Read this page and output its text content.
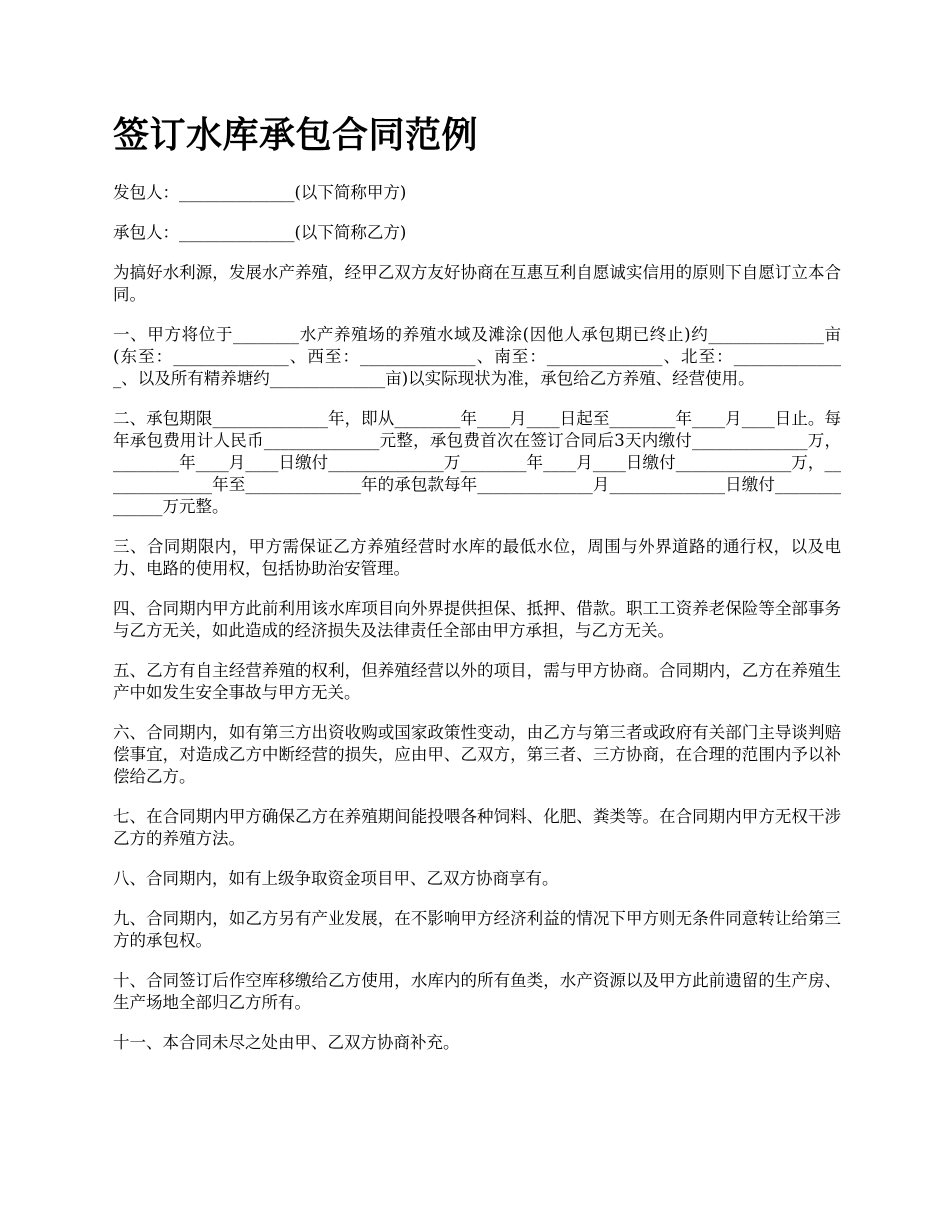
签订水库承包合同范例

发包人：______________(以下简称甲方)

承包人：______________(以下简称乙方)

为搞好水利源，发展水产养殖，经甲乙双方友好协商在互惠互利自愿诚实信用的原则下自愿订立本合同。

一、甲方将位于________水产养殖场的养殖水域及滩涂(因他人承包期已终止)约______________亩(东至：______________、西至：______________、南至：______________、北至：______________、以及所有精养塘约______________亩)以实际现状为准，承包给乙方养殖、经营使用。

二、承包期限______________年，即从________年____月____日起至________年____月____日止。每年承包费用计人民币______________元整，承包费首次在签订合同后3天内缴付______________万，________年____月____日缴付______________万________年____月____日缴付______________万，______________年至______________年的承包款每年______________月______________日缴付______________万元整。

三、合同期限内，甲方需保证乙方养殖经营时水库的最低水位，周围与外界道路的通行权，以及电力、电路的使用权，包括协助治安管理。

四、合同期内甲方此前利用该水库项目向外界提供担保、抵押、借款。职工工资养老保险等全部事务与乙方无关，如此造成的经济损失及法律责任全部由甲方承担，与乙方无关。

五、乙方有自主经营养殖的权利，但养殖经营以外的项目，需与甲方协商。合同期内，乙方在养殖生产中如发生安全事故与甲方无关。

六、合同期内，如有第三方出资收购或国家政策性变动，由乙方与第三者或政府有关部门主导谈判赔偿事宜，对造成乙方中断经营的损失，应由甲、乙双方，第三者、三方协商，在合理的范围内予以补偿给乙方。

七、在合同期内甲方确保乙方在养殖期间能投喂各种饲料、化肥、粪类等。在合同期内甲方无权干涉乙方的养殖方法。

八、合同期内，如有上级争取资金项目甲、乙双方协商享有。

九、合同期内，如乙方另有产业发展，在不影响甲方经济利益的情况下甲方则无条件同意转让给第三方的承包权。

十、合同签订后作空库移缴给乙方使用，水库内的所有鱼类，水产资源以及甲方此前遗留的生产房、生产场地全部归乙方所有。

十一、本合同未尽之处由甲、乙双方协商补充。
